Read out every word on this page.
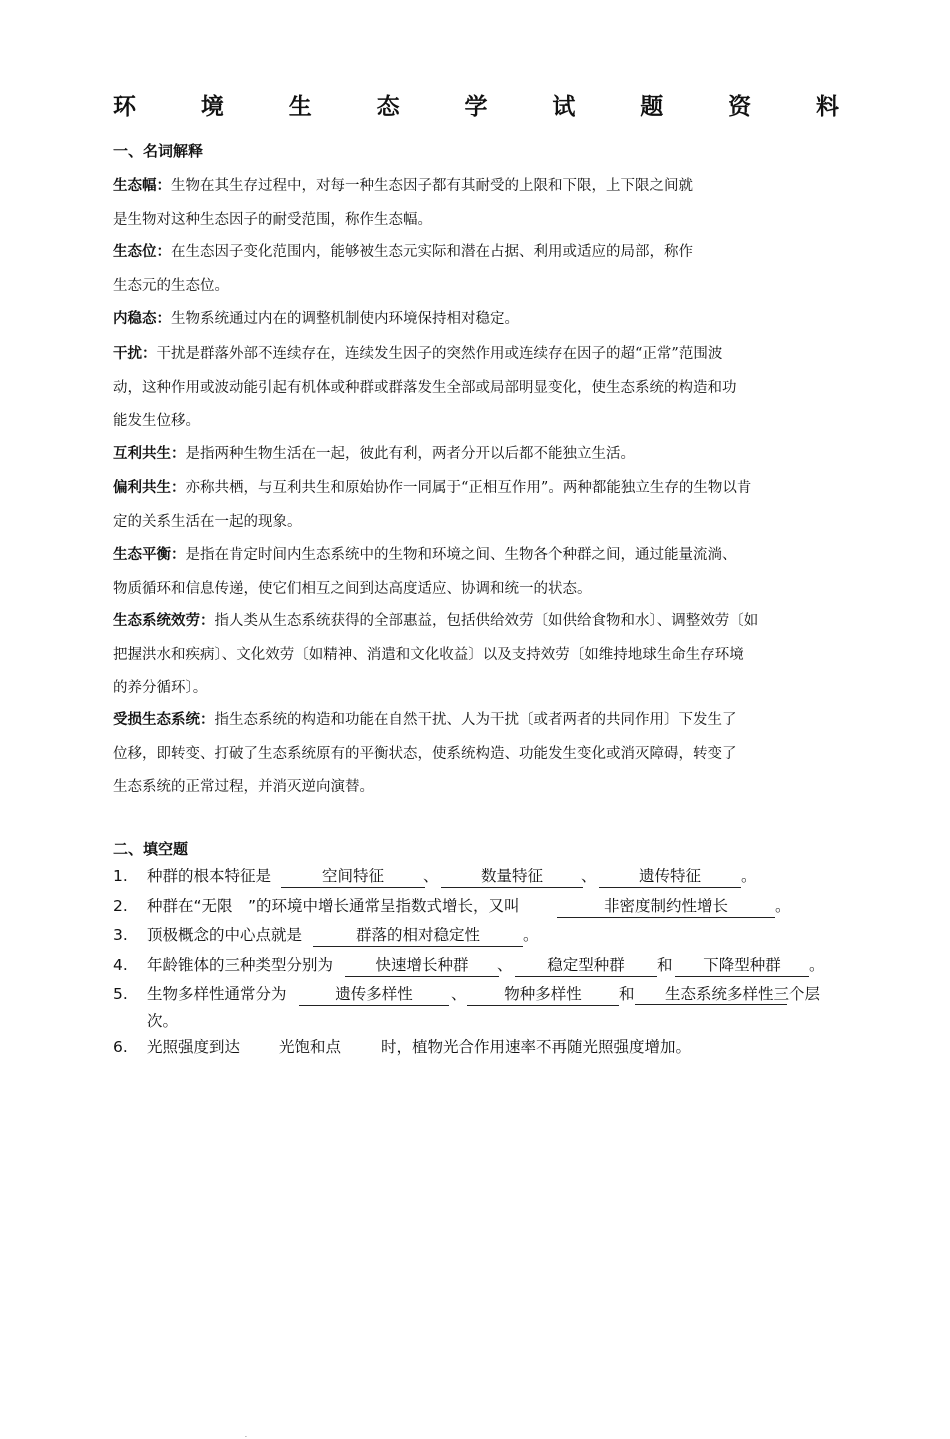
环	境	生	态	学	试	题	资	料
一、名词解释
生态幅：生物在其生存过程中，对每一种生态因子都有其耐受的上限和下限，上下限之间就
是生物对这种生态因子的耐受范围，称作生态幅。
生态位：在生态因子变化范围内，能够被生态元实际和潜在占据、利用或适应的局部，称作
生态元的生态位。
内稳态：生物系统通过内在的调整机制使内环境保持相对稳定。
干扰：干扰是群落外部不连续存在，连续发生因子的突然作用或连续存在因子的超“正常”范围波
动，这种作用或波动能引起有机体或种群或群落发生全部或局部明显变化，使生态系统的构造和功
能发生位移。
互利共生：是指两种生物生活在一起，彼此有利，两者分开以后都不能独立生活。
偏利共生：亦称共栖，与互利共生和原始协作一同属于“正相互作用”。两种都能独立生存的生物以肯
定的关系生活在一起的现象。
生态平衡：是指在肯定时间内生态系统中的生物和环境之间、生物各个种群之间，通过能量流淌、
物质循环和信息传递，使它们相互之间到达高度适应、协调和统一的状态。
生态系统效劳：指人类从生态系统获得的全部惠益，包括供给效劳〔如供给食物和水〕、调整效劳〔如
把握洪水和疾病〕、文化效劳〔如精神、消遣和文化收益〕以及支持效劳〔如维持地球生命生存环境
的养分循环〕。
受损生态系统：指生态系统的构造和功能在自然干扰、人为干扰〔或者两者的共同作用〕下发生了
位移，即转变、打破了生态系统原有的平衡状态，使系统构造、功能发生变化或消灭障碍，转变了
生态系统的正常过程，并消灭逆向演替。
二、填空题
1. 种群的根本特征是	空间特征	、	数量特征	、	遗传特征	。
2. 种群在“无限　”的环境中增长通常呈指数式增长，又叫	非密度制约性增长	。
3. 顶极概念的中心点就是	群落的相对稳定性	。
4. 年龄锥体的三种类型分别为	快速增长种群	、	稳定型种群	和	下降型种群	。
5. 生物多样性通常分为	遗传多样性	、	物种多样性	和	生态系统多样性三个层
次。
6. 光照强度到达	光饱和点	时，植物光合作用速率不再随光照强度增加。
.
